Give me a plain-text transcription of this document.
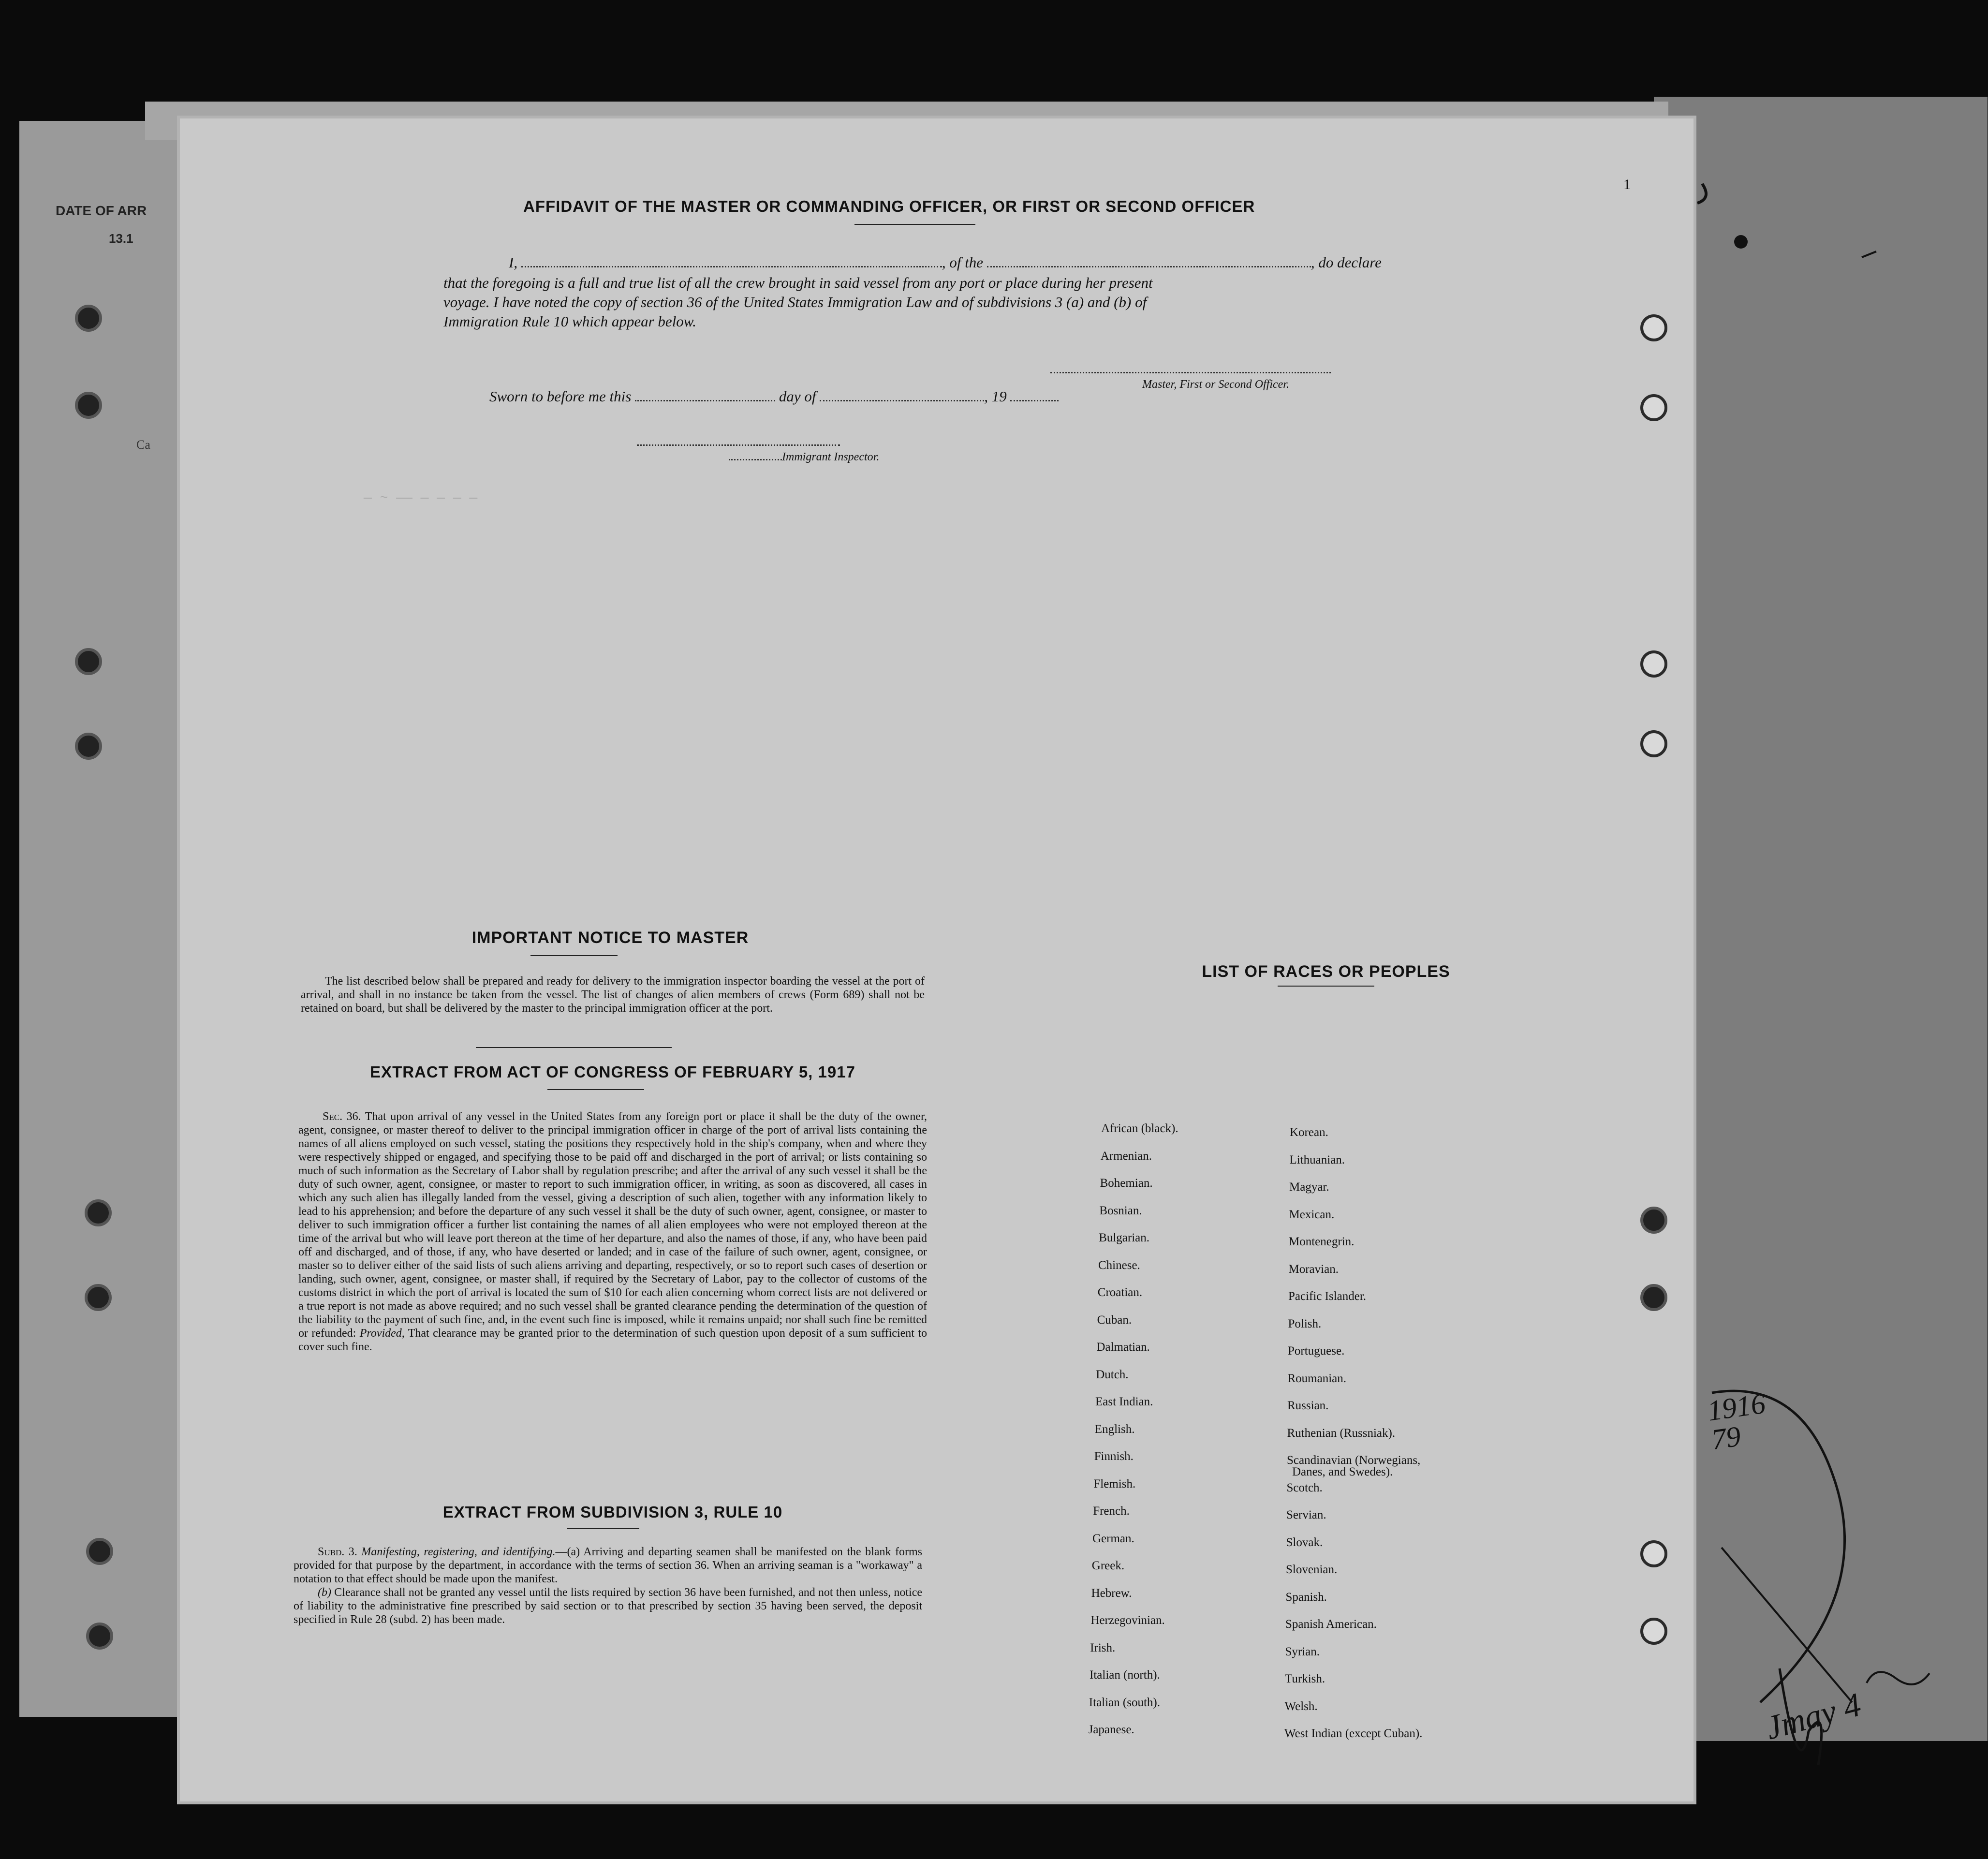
DATE OF ARR
13.1
Ca
— ~ —— — — — —
1
AFFIDAVIT OF THE MASTER OR COMMANDING OFFICER, OR FIRST OR SECOND OFFICER
I,	, of the	, do declare
that the foregoing is a full and true list of all the crew brought in said vessel from any port or place during her present
voyage. I have noted the copy of section 36 of the United States Immigration Law and of subdivisions 3 (a) and (b) of
Immigration Rule 10 which appear below.
Master, First or Second Officer.
Sworn to before me this	day of	, 19
Immigrant Inspector.
IMPORTANT NOTICE TO MASTER

The list described below shall be prepared and ready for delivery to the immigration inspector boarding the vessel at the port of arrival, and shall in no instance be taken from the vessel. The list of changes of alien members of crews (Form 689) shall not be retained on board, but shall be delivered by the master to the principal immigration officer at the port.

EXTRACT FROM ACT OF CONGRESS OF FEBRUARY 5, 1917

Sec. 36. That upon arrival of any vessel in the United States from any foreign port or place it shall be the duty of the owner, agent, consignee, or master thereof to deliver to the principal immigration officer in charge of the port of arrival lists containing the names of all aliens employed on such vessel, stating the positions they respectively hold in the ship's company, when and where they were respectively shipped or engaged, and specifying those to be paid off and discharged in the port of arrival; or lists containing so much of such information as the Secretary of Labor shall by regulation prescribe; and after the arrival of any such vessel it shall be the duty of such owner, agent, consignee, or master to report to such immigration officer, in writing, as soon as discovered, all cases in which any such alien has illegally landed from the vessel, giving a description of such alien, together with any information likely to lead to his apprehension; and before the departure of any such vessel it shall be the duty of such owner, agent, consignee, or master to deliver to such immigration officer a further list containing the names of all alien employees who were not employed thereon at the time of the arrival but who will leave port thereon at the time of her departure, and also the names of those, if any, who have been paid off and discharged, and of those, if any, who have deserted or landed; and in case of the failure of such owner, agent, consignee, or master so to deliver either of the said lists of such aliens arriving and departing, respectively, or so to report such cases of desertion or landing, such owner, agent, consignee, or master shall, if required by the Secretary of Labor, pay to the collector of customs of the customs district in which the port of arrival is located the sum of $10 for each alien concerning whom correct lists are not delivered or a true report is not made as above required; and no such vessel shall be granted clearance pending the determination of the question of the liability to the payment of such fine, and, in the event such fine is imposed, while it remains unpaid; nor shall such fine be remitted or refunded: Provided, That clearance may be granted prior to the determination of such question upon deposit of a sum sufficient to cover such fine.

EXTRACT FROM SUBDIVISION 3, RULE 10

Subd. 3. Manifesting, registering, and identifying.—(a) Arriving and departing seamen shall be manifested on the blank forms provided for that purpose by the department, in accordance with the terms of section 36. When an arriving seaman is a "workaway" a notation to that effect should be made upon the manifest.

(b) Clearance shall not be granted any vessel until the lists required by section 36 have been furnished, and not then unless, notice of liability to the administrative fine prescribed by said section or to that prescribed by section 35 having been served, the deposit specified in Rule 28 (subd. 2) has been made.

LIST OF RACES OR PEOPLES
African (black).
Armenian.
Bohemian.
Bosnian.
Bulgarian.
Chinese.
Croatian.
Cuban.
Dalmatian.
Dutch.
East Indian.
English.
Finnish.
Flemish.
French.
German.
Greek.
Hebrew.
Herzegovinian.
Irish.
Italian (north).
Italian (south).
Japanese.
Korean.
Lithuanian.
Magyar.
Mexican.
Montenegrin.
Moravian.
Pacific Islander.
Polish.
Portuguese.
Roumanian.
Russian.
Ruthenian (Russniak).
Scandinavian (Norwegians,
Danes, and Swedes).
Scotch.
Servian.
Slovak.
Slovenian.
Spanish.
Spanish American.
Syrian.
Turkish.
Welsh.
West Indian (except Cuban).
1916 79
Jmay 4
